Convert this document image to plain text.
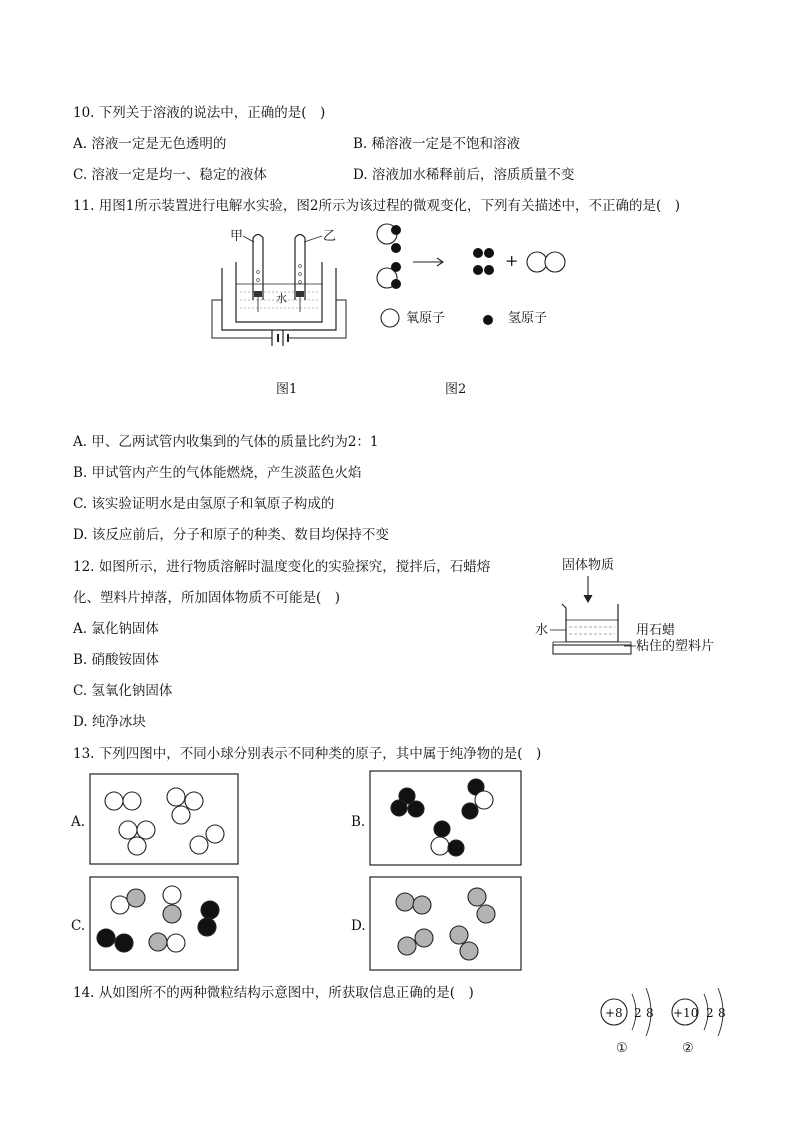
10. 下列关于溶液的说法中，正确的是(　)
A. 溶液一定是无色透明的	B. 稀溶液一定是不饱和溶液
C. 溶液一定是均一、稳定的液体	D. 溶液加水稀释前后，溶质质量不变
11. 用图1所示装置进行电解水实验，图2所示为该过程的微观变化，下列有关描述中，不正确的是(　)
甲	乙
水
图1
+
氧原子	氢原子
图2
A. 甲、乙两试管内收集到的气体的质量比约为2：1
B. 甲试管内产生的气体能燃烧，产生淡蓝色火焰
C. 该实验证明水是由氢原子和氧原子构成的
D. 该反应前后，分子和原子的种类、数目均保持不变
12. 如图所示，进行物质溶解时温度变化的实验探究，搅拌后，石蜡熔
化、塑料片掉落，所加固体物质不可能是(　)
A. 氯化钠固体
B. 硝酸铵固体
C. 氢氧化钠固体
D. 纯净冰块
固体物质
水	用石蜡
粘住的塑料片
13. 下列四图中，不同小球分别表示不同种类的原子，其中属于纯净物的是(　)
A.	B.
C.	D.
14. 从如图所不的两种微粒结构示意图中，所获取信息正确的是(　)
+8 2 8
①
+10 2 8
②
